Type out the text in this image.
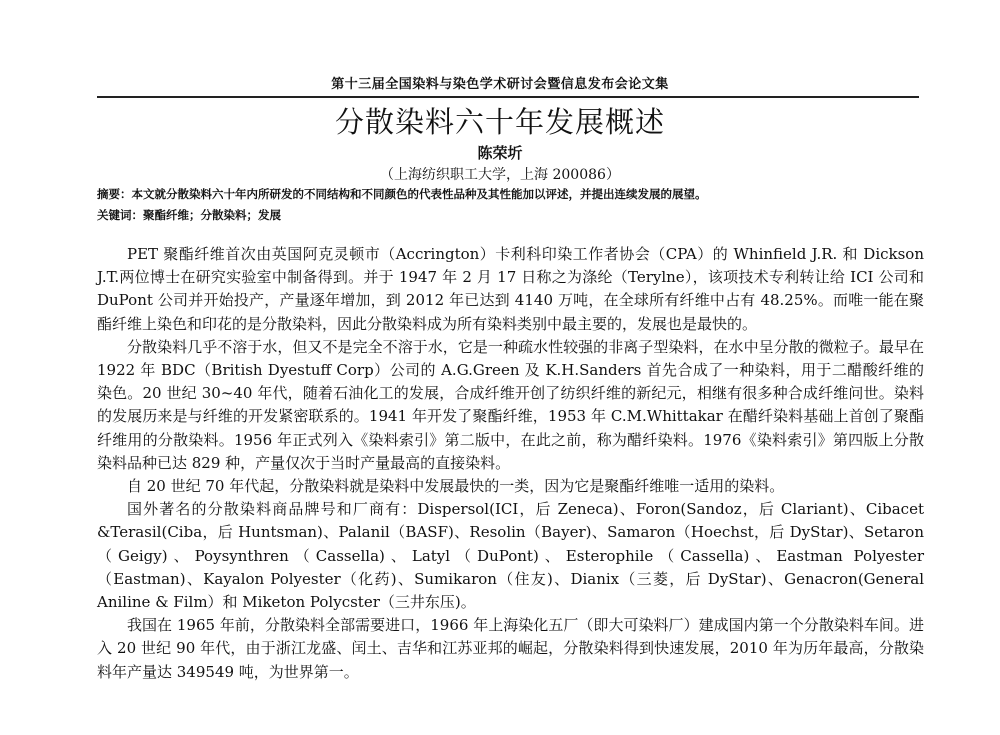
第十三届全国染料与染色学术研讨会暨信息发布会论文集
分散染料六十年发展概述
陈荣圻
（上海纺织职工大学，上海 200086）
摘要：本文就分散染料六十年内所研发的不同结构和不同颜色的代表性品种及其性能加以评述，并提出连续发展的展望。
关键词：聚酯纤维；分散染料；发展

PET 聚酯纤维首次由英国阿克灵顿市（Accrington）卡利科印染工作者协会（CPA）的 Whinfield J.R. 和 Dickson J.T.两位博士在研究实验室中制备得到。并于 1947 年 2 月 17 日称之为涤纶（Terylne），该项技术专利转让给 ICI 公司和 DuPont 公司并开始投产，产量逐年增加，到 2012 年已达到 4140 万吨，在全球所有纤维中占有 48.25%。而唯一能在聚酯纤维上染色和印花的是分散染料，因此分散染料成为所有染料类别中最主要的，发展也是最快的。

分散染料几乎不溶于水，但又不是完全不溶于水，它是一种疏水性较强的非离子型染料，在水中呈分散的微粒子。最早在 1922 年 BDC（British Dyestuff Corp）公司的 A.G.Green 及 K.H.Sanders 首先合成了一种染料，用于二醋酸纤维的染色。20 世纪 30~40 年代，随着石油化工的发展，合成纤维开创了纺织纤维的新纪元，相继有很多种合成纤维问世。染料的发展历来是与纤维的开发紧密联系的。1941 年开发了聚酯纤维，1953 年 C.M.Whittakar 在醋纤染料基础上首创了聚酯纤维用的分散染料。1956 年正式列入《染料索引》第二版中，在此之前，称为醋纤染料。1976《染料索引》第四版上分散染料品种已达 829 种，产量仅次于当时产量最高的直接染料。

自 20 世纪 70 年代起，分散染料就是染料中发展最快的一类，因为它是聚酯纤维唯一适用的染料。

国外著名的分散染料商品牌号和厂商有：Dispersol(ICI，后 Zeneca)、Foron(Sandoz，后 Clariant)、Cibacet &Terasil(Ciba，后 Huntsman)、Palanil（BASF)、Resolin（Bayer)、Samaron（Hoechst，后 DyStar)、Setaron（Geigy)、Poysynthren（Cassella)、Latyl（DuPont)、Esterophile（Cassella)、Eastman Polyester（Eastman)、Kayalon Polyester（化药)、Sumikaron（住友)、Dianix（三菱，后 DyStar)、Genacron(General Aniline & Film）和 Miketon Polycster（三井东压)。

我国在 1965 年前，分散染料全部需要进口，1966 年上海染化五厂（即大可染料厂）建成国内第一个分散染料车间。进入 20 世纪 90 年代，由于浙江龙盛、闰土、吉华和江苏亚邦的崛起，分散染料得到快速发展，2010 年为历年最高，分散染料年产量达 349549 吨，为世界第一。
